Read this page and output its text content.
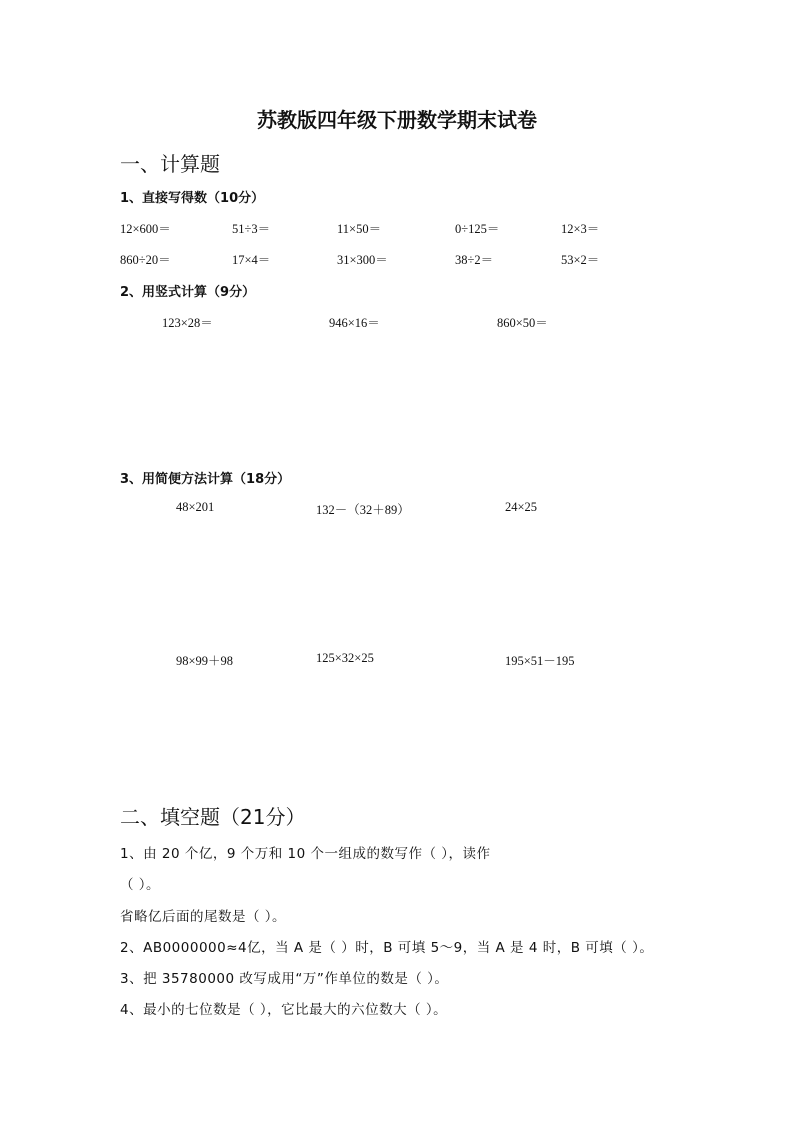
苏教版四年级下册数学期末试卷
一、计算题
1、直接写得数（10分）
12×600＝	51÷3＝	11×50＝	0÷125＝	12×3＝
860÷20＝	17×4＝	31×300＝	38÷2＝	53×2＝
2、用竖式计算（9分）
123×28＝	946×16＝	860×50＝
3、用简便方法计算（18分）
48×201	132－（32＋89）	24×25
98×99＋98	125×32×25	195×51－195
二、填空题（21分）
1、由 20 个亿，9 个万和 10 个一组成的数写作（ ），读作
（ ）。
省略亿后面的尾数是（ ）。
2、AB0000000≈4亿，当 A 是（ ）时，B 可填 5～9，当 A 是 4 时，B 可填（ ）。
3、把 35780000 改写成用“万”作单位的数是（ ）。
4、最小的七位数是（ ），它比最大的六位数大（ ）。
